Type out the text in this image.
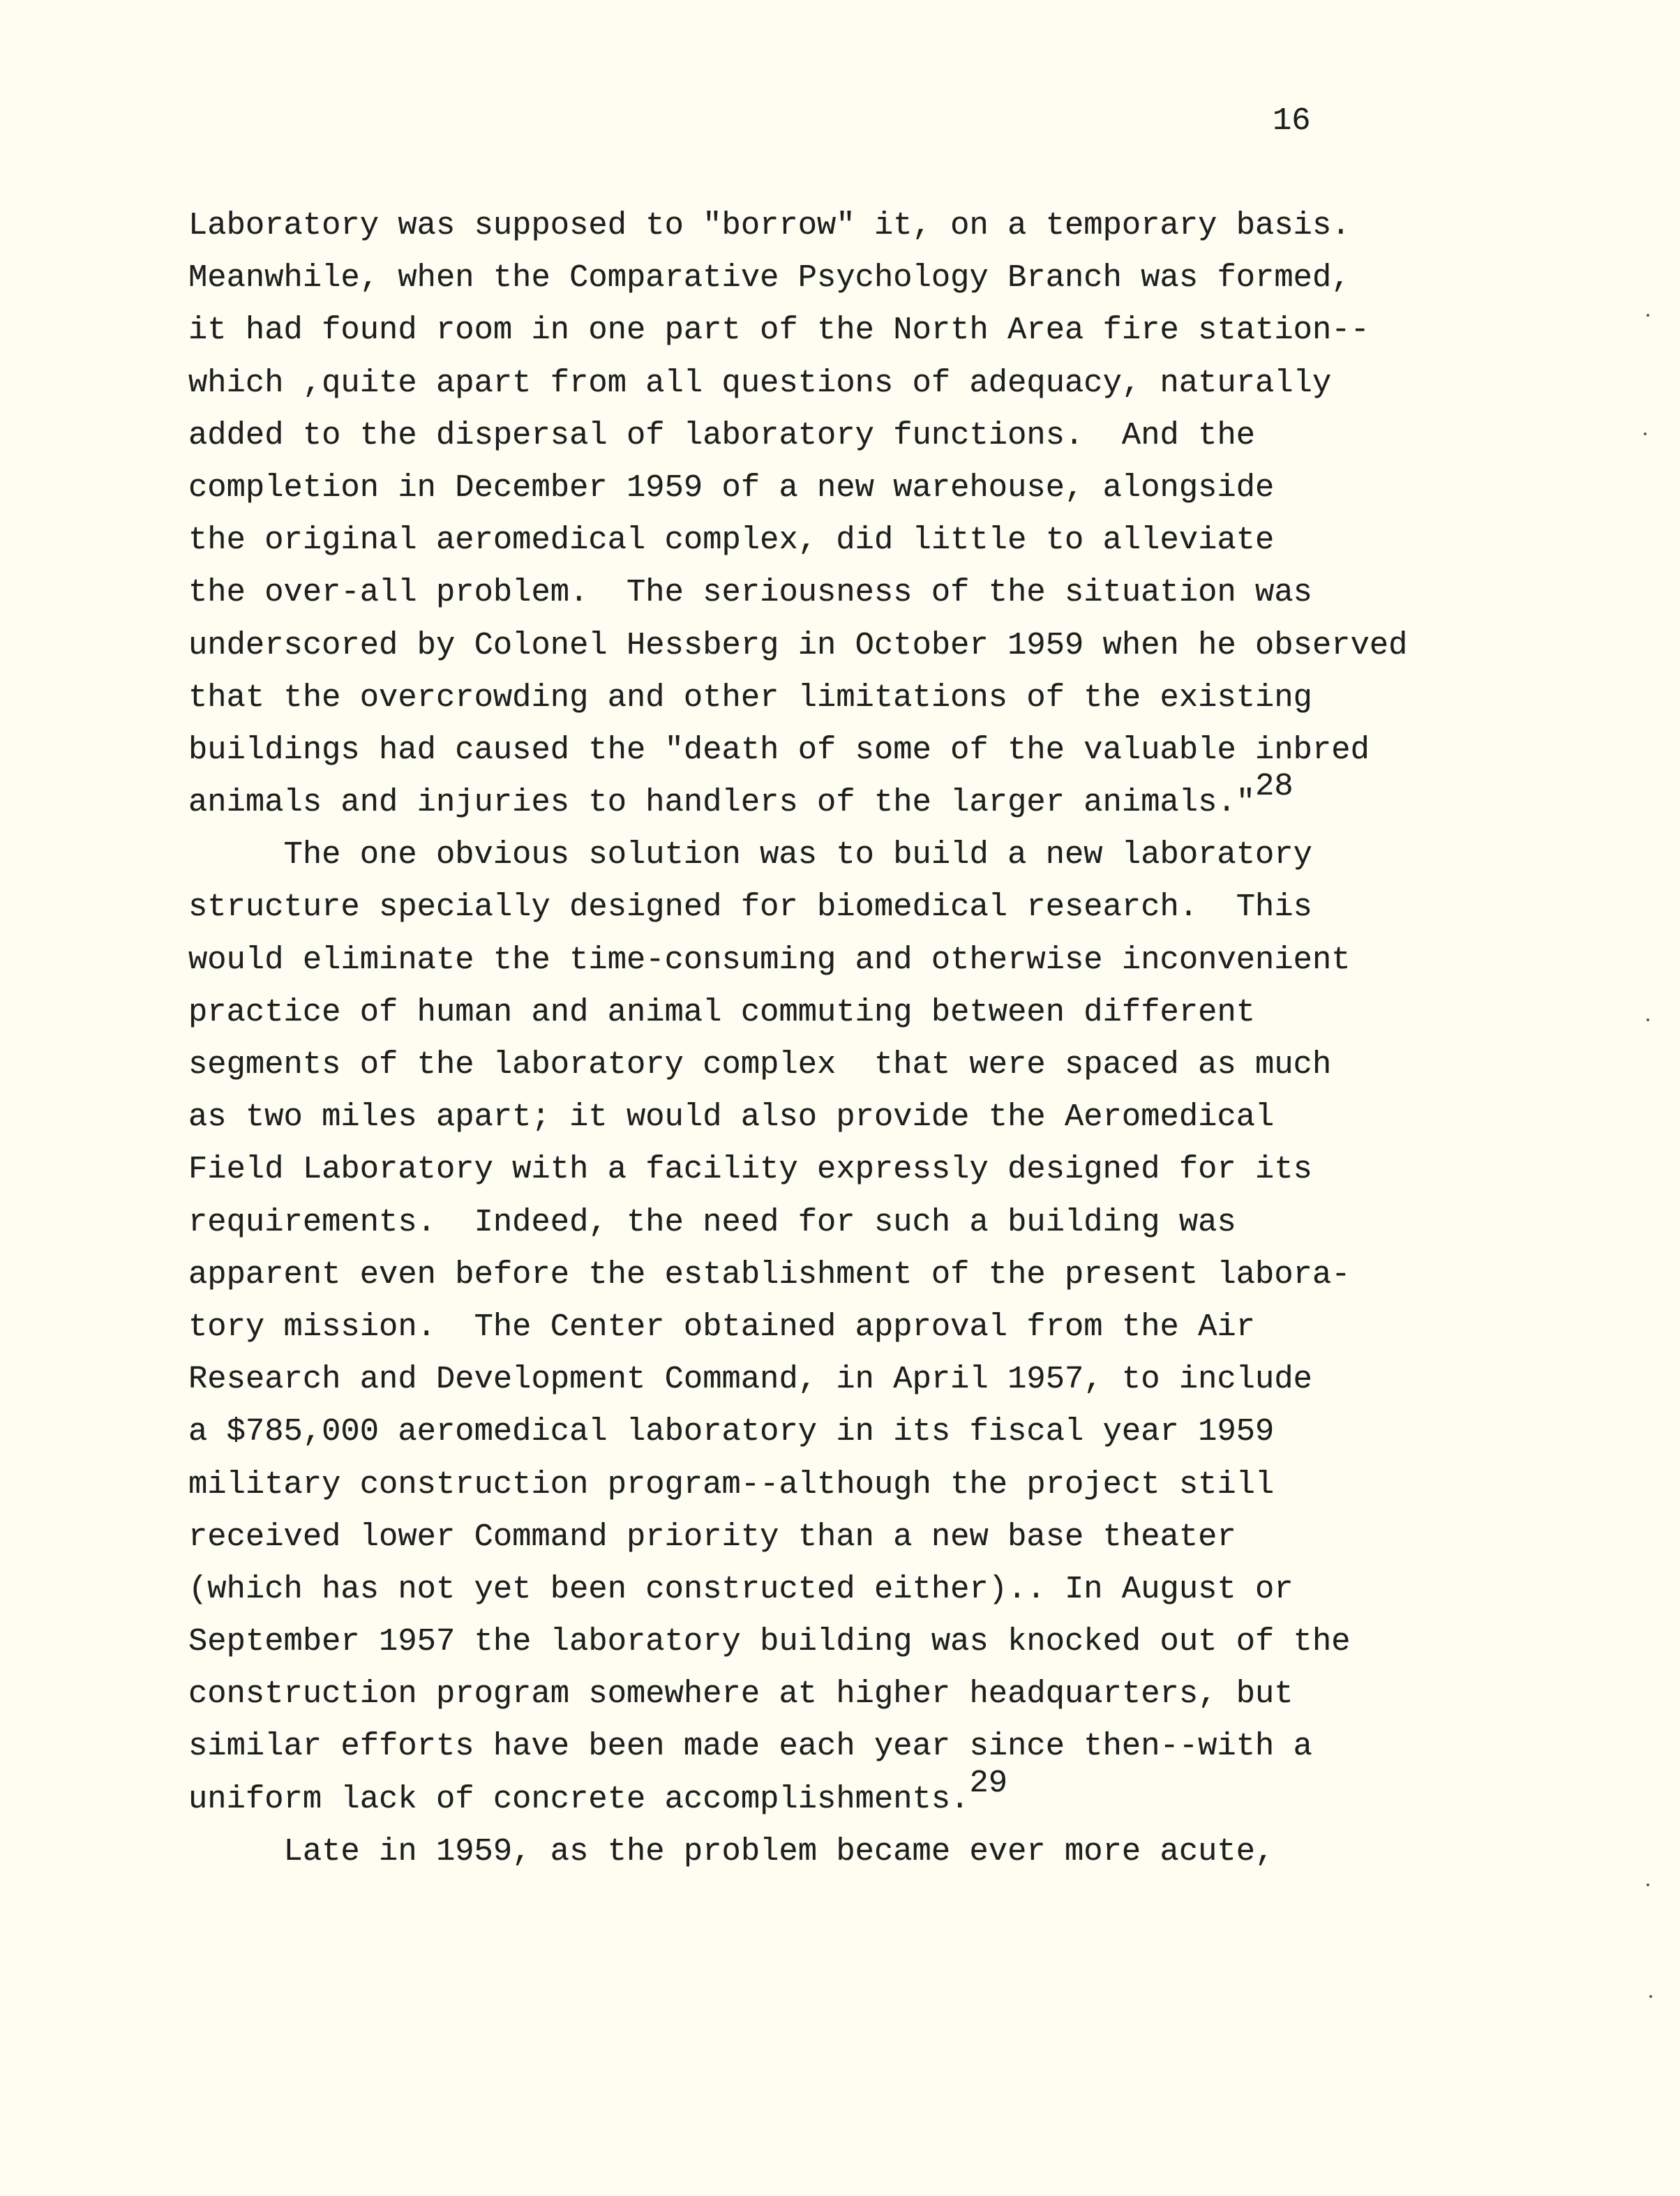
16
Laboratory was supposed to "borrow" it, on a temporary basis.
Meanwhile, when the Comparative Psychology Branch was formed,
it had found room in one part of the North Area fire station--
which ,quite apart from all questions of adequacy, naturally
added to the dispersal of laboratory functions.  And the
completion in December 1959 of a new warehouse, alongside
the original aeromedical complex, did little to alleviate
the over-all problem.  The seriousness of the situation was
underscored by Colonel Hessberg in October 1959 when he observed
that the overcrowding and other limitations of the existing
buildings had caused the "death of some of the valuable inbred
animals and injuries to handlers of the larger animals."28
The one obvious solution was to build a new laboratory
structure specially designed for biomedical research.  This
would eliminate the time-consuming and otherwise inconvenient
practice of human and animal commuting between different
segments of the laboratory complex  that were spaced as much
as two miles apart; it would also provide the Aeromedical
Field Laboratory with a facility expressly designed for its
requirements.  Indeed, the need for such a building was
apparent even before the establishment of the present labora-
tory mission.  The Center obtained approval from the Air
Research and Development Command, in April 1957, to include
a $785,000 aeromedical laboratory in its fiscal year 1959
military construction program--although the project still
received lower Command priority than a new base theater
(which has not yet been constructed either).. In August or
September 1957 the laboratory building was knocked out of the
construction program somewhere at higher headquarters, but
similar efforts have been made each year since then--with a
uniform lack of concrete accomplishments.29
Late in 1959, as the problem became ever more acute,
